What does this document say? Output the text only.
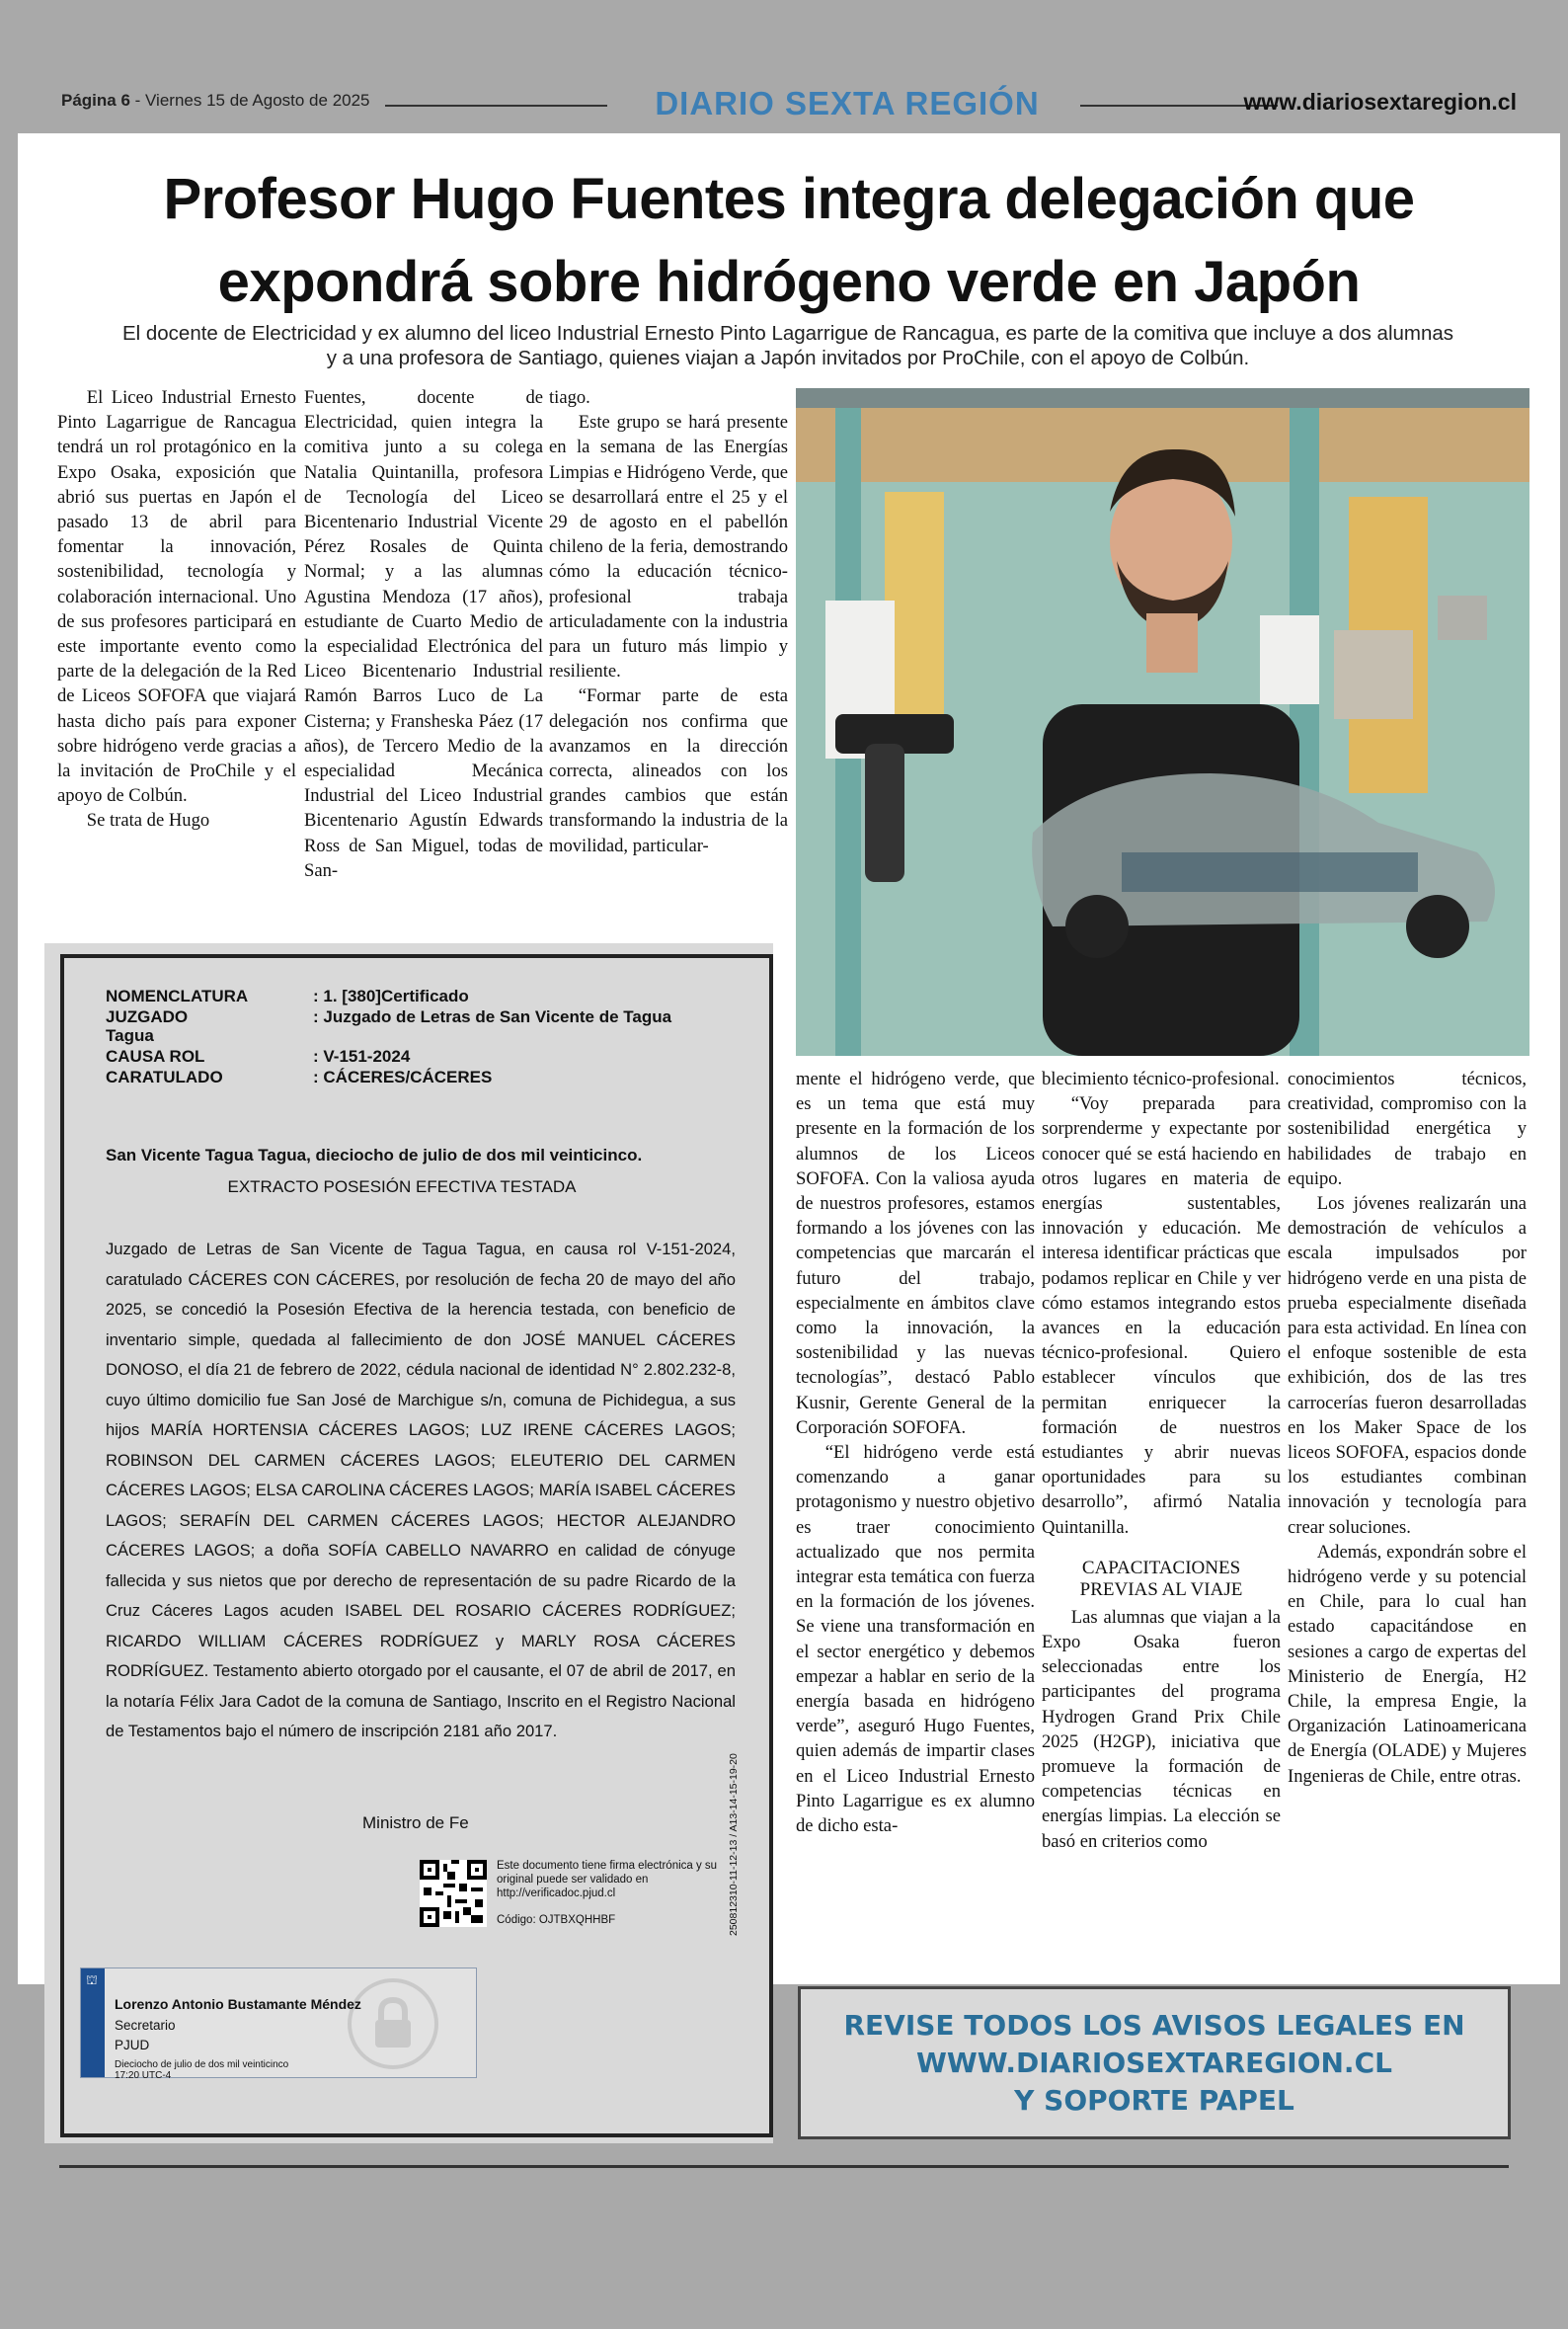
Página 6 - Viernes 15 de Agosto de 2025	DIARIO SEXTA REGIÓN	www.diariosextaregion.cl
Profesor Hugo Fuentes integra delegación que
expondrá sobre hidrógeno verde en Japón
El docente de Electricidad y ex alumno del liceo Industrial Ernesto Pinto Lagarrigue de Rancagua, es parte de la comitiva que incluye a dos alumnas
y a una profesora de Santiago, quienes viajan a Japón invitados por ProChile, con el apoyo de Colbún.

El Liceo Industrial Ernesto Pinto Lagarrigue de Rancagua tendrá un rol protagónico en la Expo Osaka, exposición que abrió sus puertas en Japón el pasado 13 de abril para fomentar la innovación, sostenibilidad, tecnología y colaboración internacional. Uno de sus profesores participará en este importante evento como parte de la delegación de la Red de Liceos SOFOFA que viajará hasta dicho país para exponer sobre hidrógeno verde gracias a la invitación de ProChile y el apoyo de Colbún.

Se trata de Hugo

Fuentes, docente de Electricidad, quien integra la comitiva junto a su colega Natalia Quintanilla, profesora de Tecnología del Liceo Bicentenario Industrial Vicente Pérez Rosales de Quinta Normal; y a las alumnas Agustina Mendoza (17 años), estudiante de Cuarto Medio de la especialidad Electrónica del Liceo Bicentenario Industrial Ramón Barros Luco de La Cisterna; y Fransheska Páez (17 años), de Tercero Medio de la especialidad Mecánica Industrial del Liceo Industrial Bicentenario Agustín Edwards Ross de San Miguel, todas de San-

tiago.

Este grupo se hará presente en la semana de las Energías Limpias e Hidrógeno Verde, que se desarrollará entre el 25 y el 29 de agosto en el pabellón chileno de la feria, demostrando cómo la educación técnico-profesional trabaja articuladamente con la industria para un futuro más limpio y resiliente.

“Formar parte de esta delegación nos confirma que avanzamos en la dirección correcta, alineados con los grandes cambios que están transformando la industria de la movilidad, particular-

mente el hidrógeno verde, que es un tema que está muy presente en la formación de los alumnos de los Liceos SOFOFA. Con la valiosa ayuda de nuestros profesores, estamos formando a los jóvenes con las competencias que marcarán el futuro del trabajo, especialmente en ámbitos clave como la innovación, la sostenibilidad y las nuevas tecnologías”, destacó Pablo Kusnir, Gerente General de la Corporación SOFOFA.

“El hidrógeno verde está comenzando a ganar protagonismo y nuestro objetivo es traer conocimiento actualizado que nos permita integrar esta temática con fuerza en la formación de los jóvenes. Se viene una transformación en el sector energético y debemos empezar a hablar en serio de la energía basada en hidrógeno verde”, aseguró Hugo Fuentes, quien además de impartir clases en el Liceo Industrial Ernesto Pinto Lagarrigue es ex alumno de dicho esta-

blecimiento técnico-profesional.

“Voy preparada para sorprenderme y expectante por conocer qué se está haciendo en otros lugares en materia de energías sustentables, innovación y educación. Me interesa identificar prácticas que podamos replicar en Chile y ver cómo estamos integrando estos avances en la educación técnico-profesional. Quiero establecer vínculos que permitan enriquecer la formación de nuestros estudiantes y abrir nuevas oportunidades para su desarrollo”, afirmó Natalia Quintanilla.

CAPACITACIONES PREVIAS AL VIAJE

Las alumnas que viajan a la Expo Osaka fueron seleccionadas entre los participantes del programa Hydrogen Grand Prix Chile 2025 (H2GP), iniciativa que promueve la formación de competencias técnicas en energías limpias. La elección se basó en criterios como

conocimientos técnicos, creatividad, compromiso con la sostenibilidad energética y habilidades de trabajo en equipo.

Los jóvenes realizarán una demostración de vehículos a escala impulsados por hidrógeno verde en una pista de prueba especialmente diseñada para esta actividad. En línea con el enfoque sostenible de esta exhibición, dos de las tres carrocerías fueron desarrolladas en los Maker Space de los liceos SOFOFA, espacios donde los estudiantes combinan innovación y tecnología para crear soluciones.

Además, expondrán sobre el hidrógeno verde y su potencial en Chile, para lo cual han estado capacitándose en sesiones a cargo de expertas del Ministerio de Energía, H2 Chile, la empresa Engie, la Organización Latinoamericana de Energía (OLADE) y Mujeres Ingenieras de Chile, entre otras.

NOMENCLATURA	: 1. [380]Certificado
JUZGADO	: Juzgado de Letras de San Vicente de Tagua
Tagua
CAUSA ROL	: V-151-2024
CARATULADO	: CÁCERES/CÁCERES
San Vicente Tagua Tagua, dieciocho de julio de dos mil veinticinco.
EXTRACTO POSESIÓN EFECTIVA TESTADA
Juzgado de Letras de San Vicente de Tagua Tagua, en causa rol V-151-2024, caratulado CÁCERES CON CÁCERES, por resolución de fecha 20 de mayo del año 2025, se concedió la Posesión Efectiva de la herencia testada, con beneficio de inventario simple, quedada al fallecimiento de don JOSÉ MANUEL CÁCERES DONOSO, el día 21 de febrero de 2022, cédula nacional de identidad N° 2.802.232-8, cuyo último domicilio fue San José de Marchigue s/n, comuna de Pichidegua, a sus hijos MARÍA HORTENSIA CÁCERES LAGOS; LUZ IRENE CÁCERES LAGOS; ROBINSON DEL CARMEN CÁCERES LAGOS; ELEUTERIO DEL CARMEN CÁCERES LAGOS; ELSA CAROLINA CÁCERES LAGOS; MARÍA ISABEL CÁCERES LAGOS; SERAFÍN DEL CARMEN CÁCERES LAGOS; HECTOR ALEJANDRO CÁCERES LAGOS; a doña SOFÍA CABELLO NAVARRO en calidad de cónyuge fallecida y sus nietos que por derecho de representación de su padre Ricardo de la Cruz Cáceres Lagos acuden ISABEL DEL ROSARIO CÁCERES RODRÍGUEZ; RICARDO WILLIAM CÁCERES RODRÍGUEZ y MARLY ROSA CÁCERES RODRÍGUEZ. Testamento abierto otorgado por el causante, el 07 de abril de 2017, en la notaría Félix Jara Cadot de la comuna de Santiago, Inscrito en el Registro Nacional de Testamentos bajo el número de inscripción 2181 año 2017.
Ministro de Fe
Este documento tiene firma electrónica y su original puede ser validado en http://verificadoc.pjud.cl
Código: OJTBXQHHBF	250812310-11-12-13 / A13-14-15-19-20
⛫
Lorenzo Antonio Bustamante Méndez
Secretario
PJUD
Dieciocho de julio de dos mil veinticinco
17:20 UTC-4
REVISE TODOS LOS AVISOS LEGALES EN
WWW.DIARIOSEXTAREGION.CL
Y SOPORTE PAPEL
